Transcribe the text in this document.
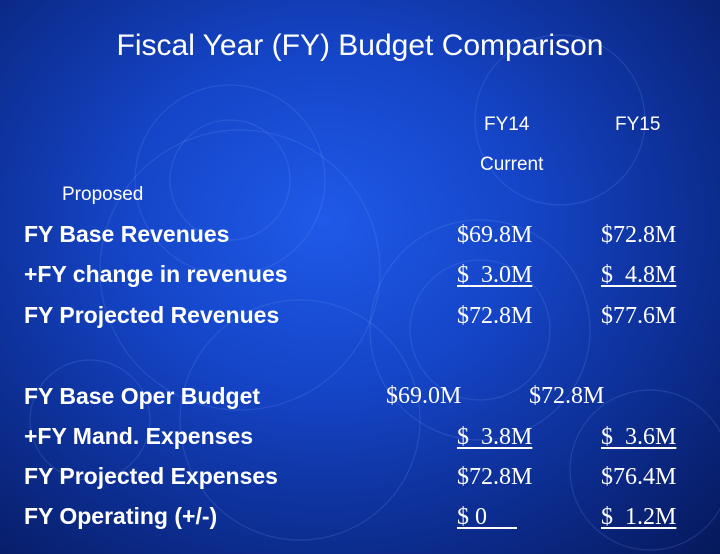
Fiscal Year (FY) Budget Comparison
FY14	FY15
Current
Proposed
FY Base Revenues
+FY change in revenues
FY Projected Revenues
$69.8M
$  3.0M
$72.8M
$72.8M
$  4.8M
$77.6M
FY Base Oper Budget
+FY Mand. Expenses
FY Projected Expenses
FY Operating (+/-)
$69.0M
$  3.8M
$72.8M
$ 0
$72.8M
$  3.6M
$76.4M
$  1.2M
